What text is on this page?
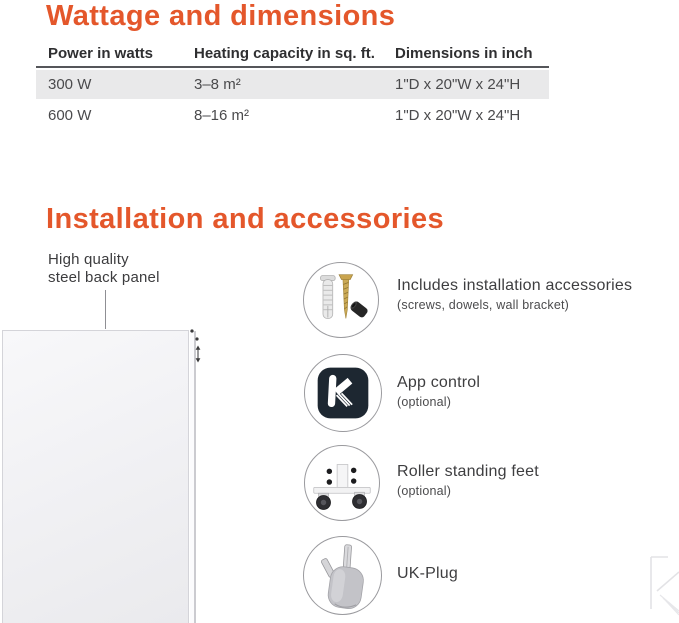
Wattage and dimensions
Power in watts	Heating capacity in sq. ft.	Dimensions in inch
300 W	3–8 m²	1"D x 20"W x 24"H
600 W	8–16 m²	1"D x 20"W x 24"H
Installation and accessories
High quality
steel back panel	Includes installation accessories
(screws, dowels, wall bracket)
App control
(optional)
Roller standing feet
(optional)
UK-Plug
